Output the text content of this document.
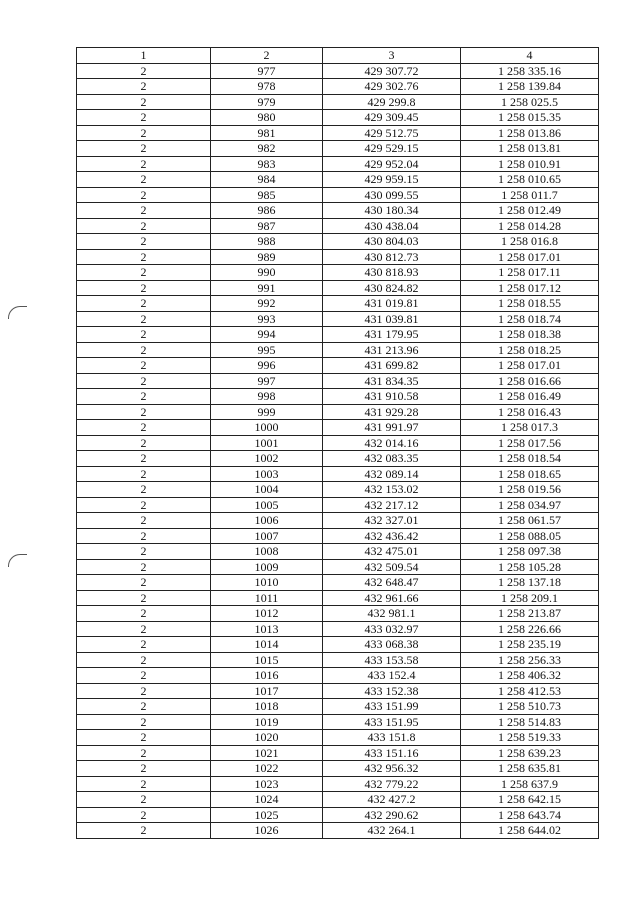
1	2	3	4
2	977	429 307.72	1 258 335.16
2	978	429 302.76	1 258 139.84
2	979	429 299.8	1 258 025.5
2	980	429 309.45	1 258 015.35
2	981	429 512.75	1 258 013.86
2	982	429 529.15	1 258 013.81
2	983	429 952.04	1 258 010.91
2	984	429 959.15	1 258 010.65
2	985	430 099.55	1 258 011.7
2	986	430 180.34	1 258 012.49
2	987	430 438.04	1 258 014.28
2	988	430 804.03	1 258 016.8
2	989	430 812.73	1 258 017.01
2	990	430 818.93	1 258 017.11
2	991	430 824.82	1 258 017.12
2	992	431 019.81	1 258 018.55
2	993	431 039.81	1 258 018.74
2	994	431 179.95	1 258 018.38
2	995	431 213.96	1 258 018.25
2	996	431 699.82	1 258 017.01
2	997	431 834.35	1 258 016.66
2	998	431 910.58	1 258 016.49
2	999	431 929.28	1 258 016.43
2	1000	431 991.97	1 258 017.3
2	1001	432 014.16	1 258 017.56
2	1002	432 083.35	1 258 018.54
2	1003	432 089.14	1 258 018.65
2	1004	432 153.02	1 258 019.56
2	1005	432 217.12	1 258 034.97
2	1006	432 327.01	1 258 061.57
2	1007	432 436.42	1 258 088.05
2	1008	432 475.01	1 258 097.38
2	1009	432 509.54	1 258 105.28
2	1010	432 648.47	1 258 137.18
2	1011	432 961.66	1 258 209.1
2	1012	432 981.1	1 258 213.87
2	1013	433 032.97	1 258 226.66
2	1014	433 068.38	1 258 235.19
2	1015	433 153.58	1 258 256.33
2	1016	433 152.4	1 258 406.32
2	1017	433 152.38	1 258 412.53
2	1018	433 151.99	1 258 510.73
2	1019	433 151.95	1 258 514.83
2	1020	433 151.8	1 258 519.33
2	1021	433 151.16	1 258 639.23
2	1022	432 956.32	1 258 635.81
2	1023	432 779.22	1 258 637.9
2	1024	432 427.2	1 258 642.15
2	1025	432 290.62	1 258 643.74
2	1026	432 264.1	1 258 644.02
